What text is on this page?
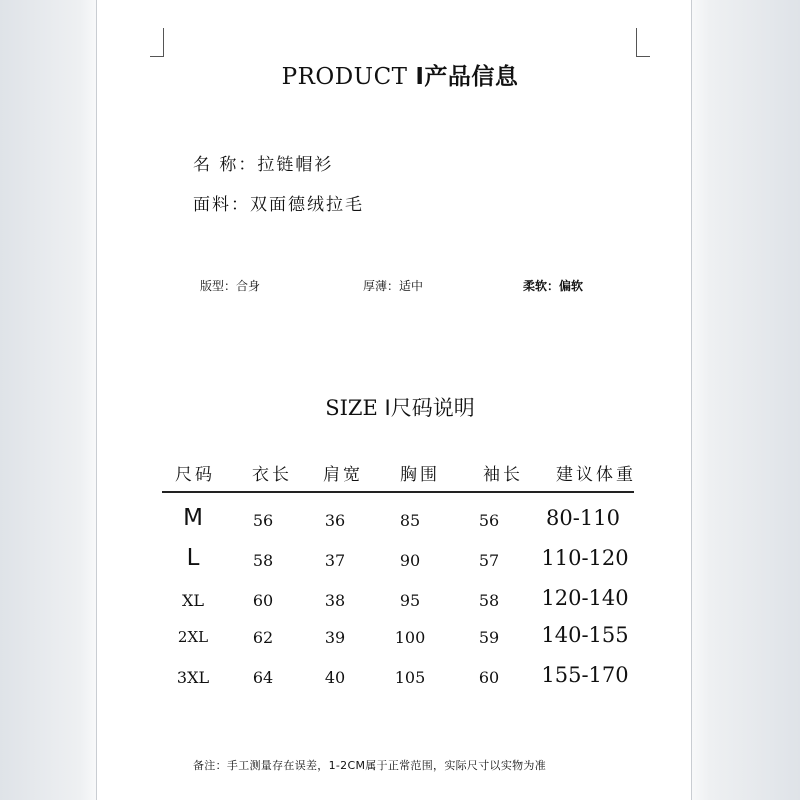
PRODUCT I产品信息
名 称：拉链帽衫
面料：双面德绒拉毛
版型：合身	厚薄：适中	柔软：偏软
SIZE I尺码说明
尺码 衣长 肩宽 胸围	袖长 建议体重
M	56	36	85	56 80-110
L	58	37	90	57 110-120
XL	60	38	95	58 120-140
2XL	62	39	100	59 140-155
3XL	64	40	105	60 155-170
备注：手工测量存在误差，1-2CM属于正常范围，实际尺寸以实物为准
